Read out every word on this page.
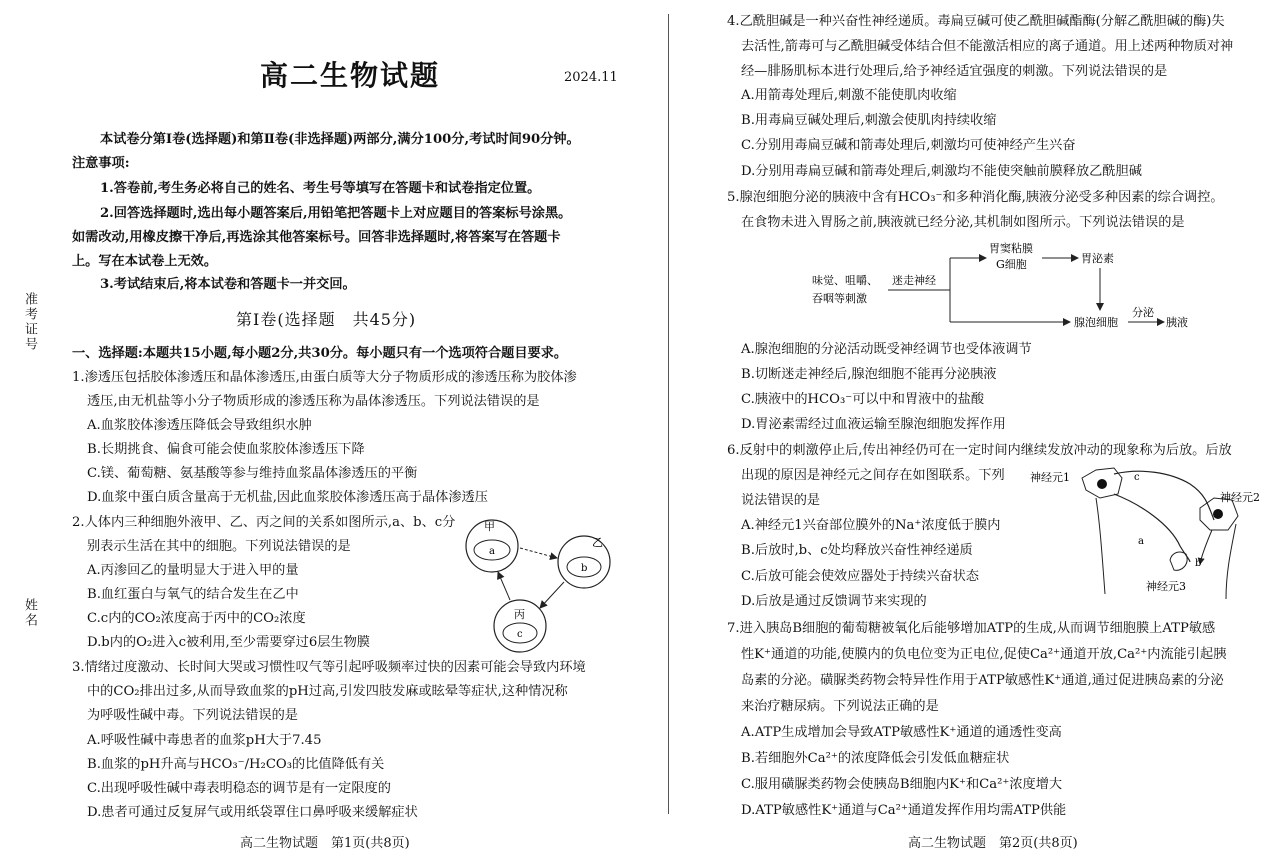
准考证号
姓名
高二生物试题	2024.11
本试卷分第Ⅰ卷(选择题)和第Ⅱ卷(非选择题)两部分,满分100分,考试时间90分钟。
注意事项:
1.答卷前,考生务必将自己的姓名、考生号等填写在答题卡和试卷指定位置。
2.回答选择题时,选出每小题答案后,用铅笔把答题卡上对应题目的答案标号涂黑。
如需改动,用橡皮擦干净后,再选涂其他答案标号。回答非选择题时,将答案写在答题卡
上。写在本试卷上无效。
3.考试结束后,将本试卷和答题卡一并交回。
第Ⅰ卷(选择题　共45分)
一、选择题:本题共15小题,每小题2分,共30分。每小题只有一个选项符合题目要求。
1.渗透压包括胶体渗透压和晶体渗透压,由蛋白质等大分子物质形成的渗透压称为胶体渗
透压,由无机盐等小分子物质形成的渗透压称为晶体渗透压。下列说法错误的是
A.血浆胶体渗透压降低会导致组织水肿
B.长期挑食、偏食可能会使血浆胶体渗透压下降
C.镁、葡萄糖、氨基酸等参与维持血浆晶体渗透压的平衡
D.血浆中蛋白质含量高于无机盐,因此血浆胶体渗透压高于晶体渗透压
2.人体内三种细胞外液甲、乙、丙之间的关系如图所示,a、b、c分
别表示生活在其中的细胞。下列说法错误的是
A.丙渗回乙的量明显大于进入甲的量
B.血红蛋白与氧气的结合发生在乙中
C.c内的CO₂浓度高于丙中的CO₂浓度
D.b内的O₂进入c被利用,至少需要穿过6层生物膜
甲
a
乙
b
丙
c
3.情绪过度激动、长时间大哭或习惯性叹气等引起呼吸频率过快的因素可能会导致内环境
中的CO₂排出过多,从而导致血浆的pH过高,引发四肢发麻或眩晕等症状,这种情况称
为呼吸性碱中毒。下列说法错误的是
A.呼吸性碱中毒患者的血浆pH大于7.45
B.血浆的pH升高与HCO₃⁻/H₂CO₃的比值降低有关
C.出现呼吸性碱中毒表明稳态的调节是有一定限度的
D.患者可通过反复屏气或用纸袋罩住口鼻呼吸来缓解症状
高二生物试题　第1页(共8页)
4.乙酰胆碱是一种兴奋性神经递质。毒扁豆碱可使乙酰胆碱酯酶(分解乙酰胆碱的酶)失
去活性,箭毒可与乙酰胆碱受体结合但不能激活相应的离子通道。用上述两种物质对神
经—腓肠肌标本进行处理后,给予神经适宜强度的刺激。下列说法错误的是
A.用箭毒处理后,刺激不能使肌肉收缩
B.用毒扁豆碱处理后,刺激会使肌肉持续收缩
C.分别用毒扁豆碱和箭毒处理后,刺激均可使神经产生兴奋
D.分别用毒扁豆碱和箭毒处理后,刺激均不能使突触前膜释放乙酰胆碱
5.腺泡细胞分泌的胰液中含有HCO₃⁻和多种消化酶,胰液分泌受多种因素的综合调控。
在食物未进入胃肠之前,胰液就已经分泌,其机制如图所示。下列说法错误的是
味觉、咀嚼、
吞咽等刺激
迷走神经
胃窦粘膜
G细胞	胃泌素
腺泡细胞
分泌
胰液
A.腺泡细胞的分泌活动既受神经调节也受体液调节
B.切断迷走神经后,腺泡细胞不能再分泌胰液
C.胰液中的HCO₃⁻可以中和胃液中的盐酸
D.胃泌素需经过血液运输至腺泡细胞发挥作用
6.反射中的刺激停止后,传出神经仍可在一定时间内继续发放冲动的现象称为后放。后放
出现的原因是神经元之间存在如图联系。下列
说法错误的是
A.神经元1兴奋部位膜外的Na⁺浓度低于膜内
B.后放时,b、c处均释放兴奋性神经递质
C.后放可能会使效应器处于持续兴奋状态
D.后放是通过反馈调节来实现的
神经元1	c
神经元2
b
a
神经元3
7.进入胰岛B细胞的葡萄糖被氧化后能够增加ATP的生成,从而调节细胞膜上ATP敏感
性K⁺通道的功能,使膜内的负电位变为正电位,促使Ca²⁺通道开放,Ca²⁺内流能引起胰
岛素的分泌。磺脲类药物会特异性作用于ATP敏感性K⁺通道,通过促进胰岛素的分泌
来治疗糖尿病。下列说法正确的是
A.ATP生成增加会导致ATP敏感性K⁺通道的通透性变高
B.若细胞外Ca²⁺的浓度降低会引发低血糖症状
C.服用磺脲类药物会使胰岛B细胞内K⁺和Ca²⁺浓度增大
D.ATP敏感性K⁺通道与Ca²⁺通道发挥作用均需ATP供能
高二生物试题　第2页(共8页)
